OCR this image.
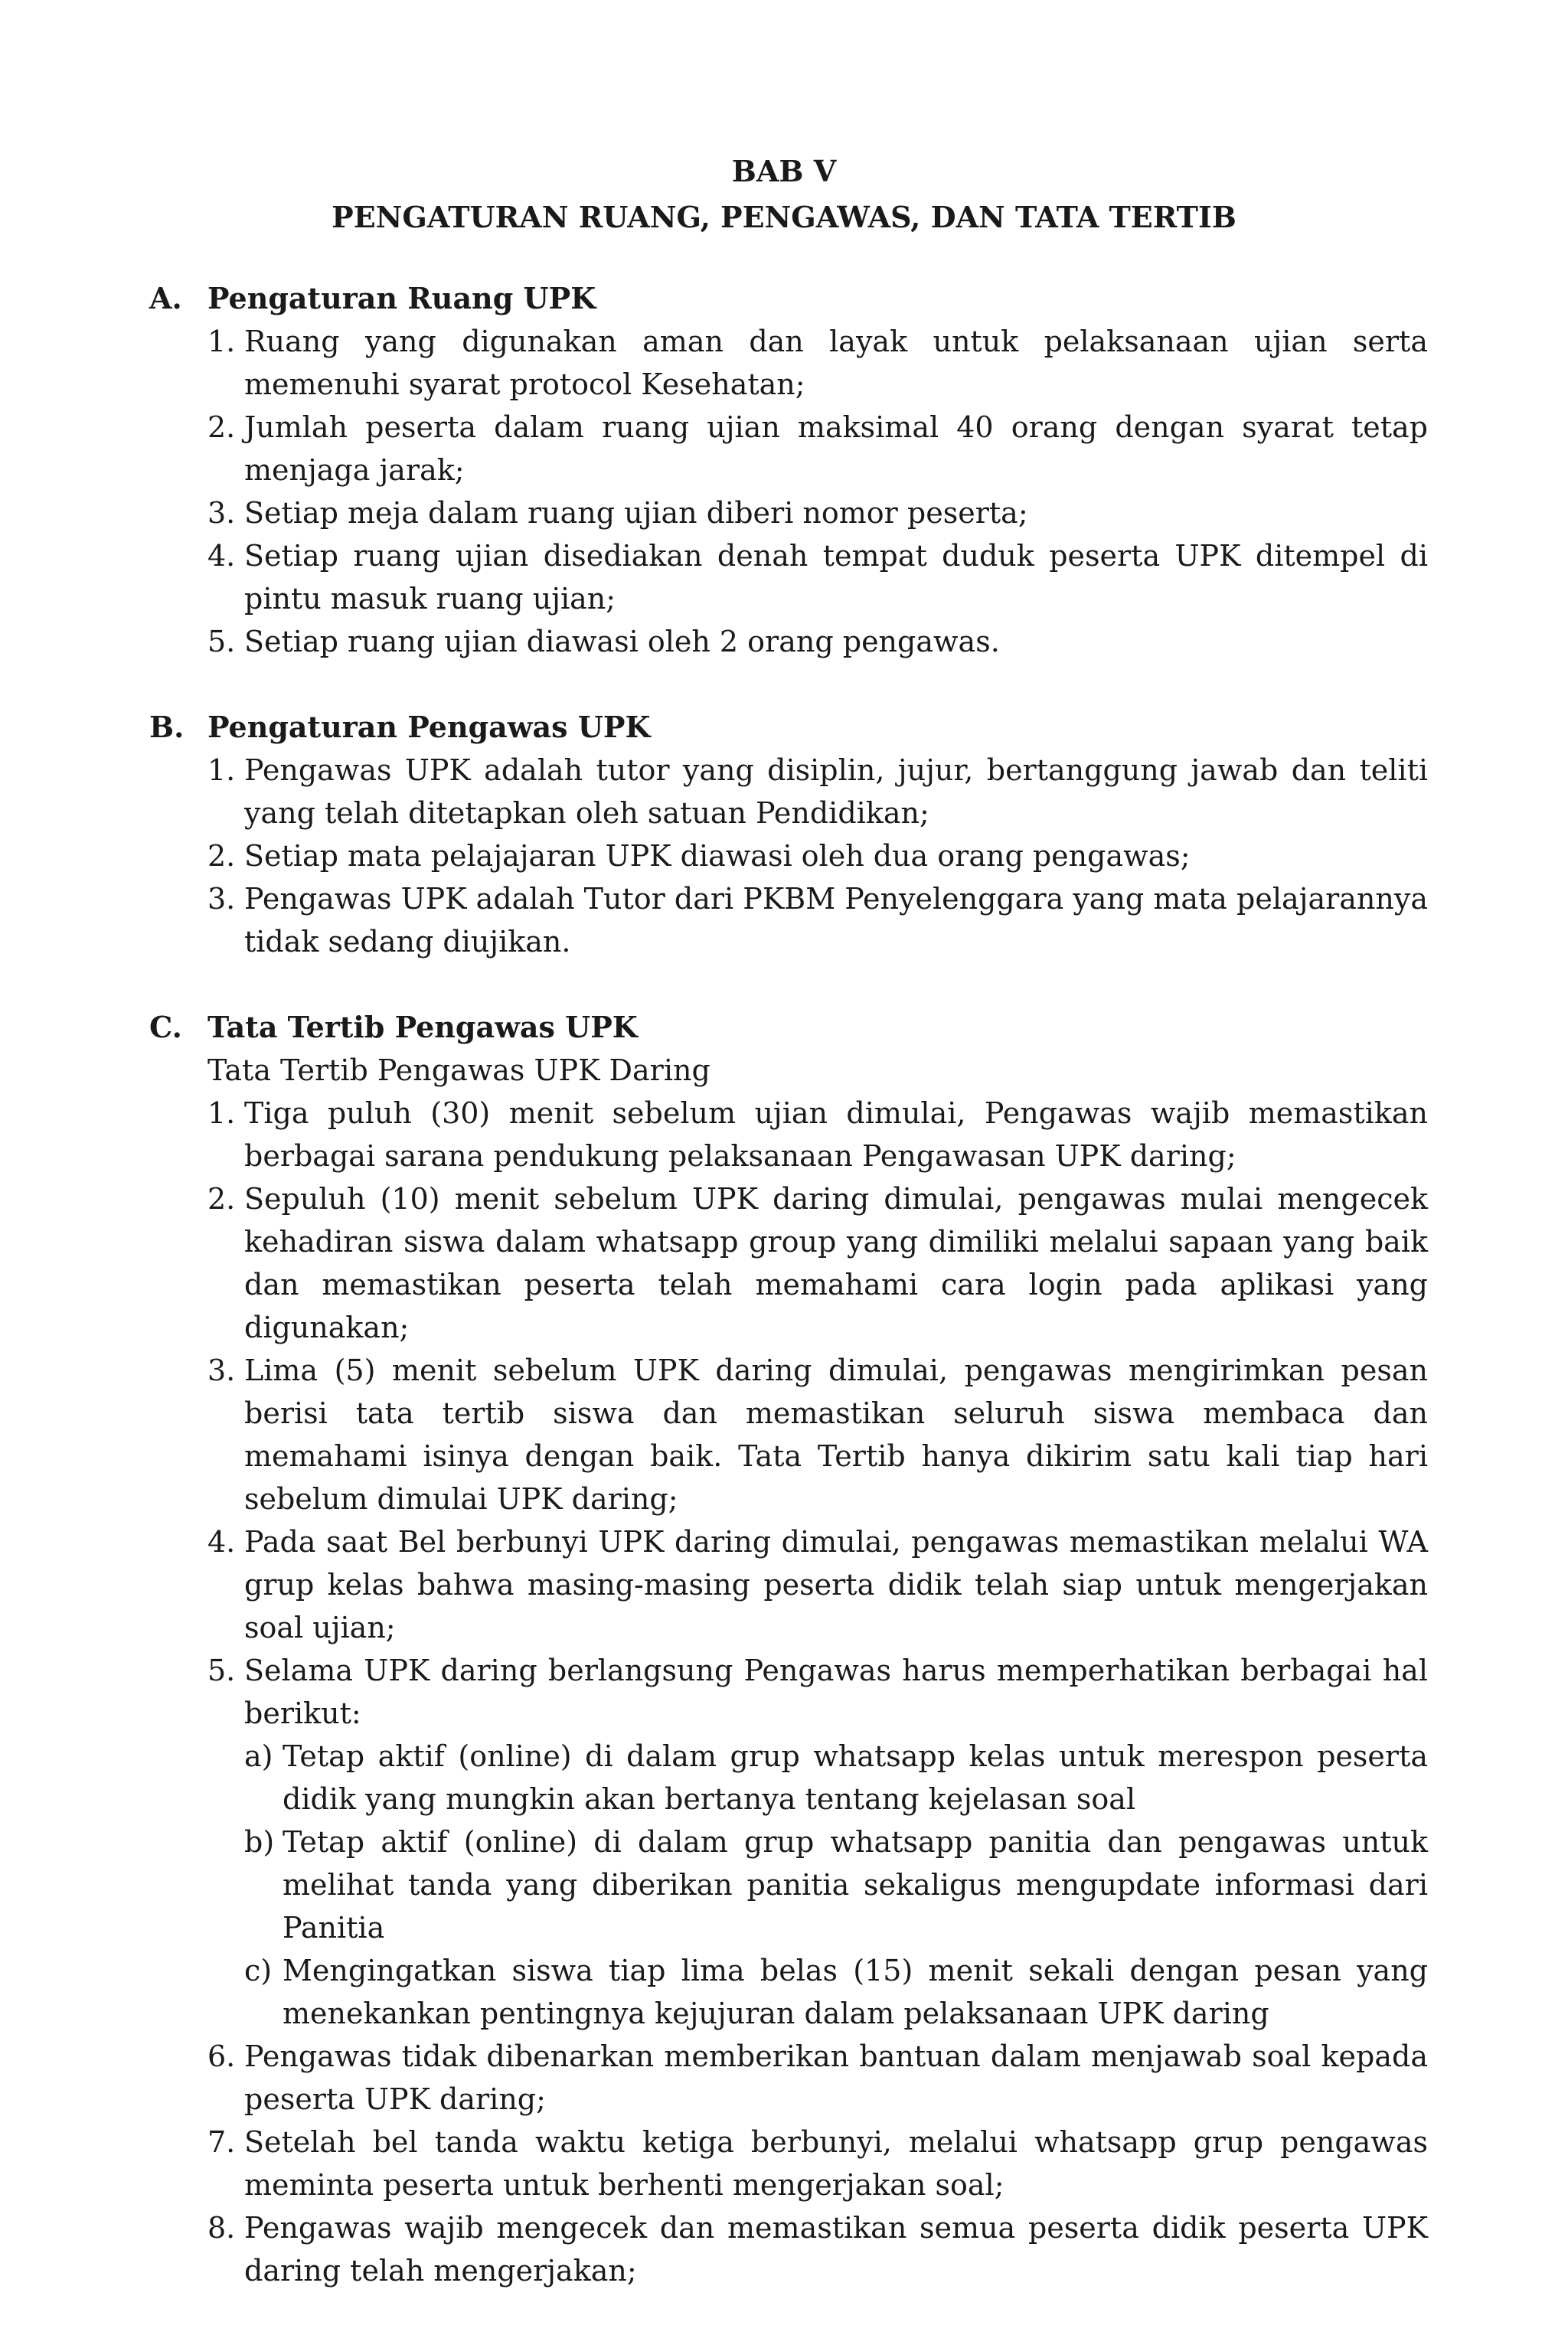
BAB V
PENGATURAN RUANG, PENGAWAS, DAN TATA TERTIB
A. Pengaturan Ruang UPK
1. Ruang yang digunakan aman dan layak untuk pelaksanaan ujian serta memenuhi syarat protocol Kesehatan;
2. Jumlah peserta dalam ruang ujian maksimal 40 orang dengan syarat tetap menjaga jarak;
3. Setiap meja dalam ruang ujian diberi nomor peserta;
4. Setiap ruang ujian disediakan denah tempat duduk peserta UPK ditempel di pintu masuk ruang ujian;
5. Setiap ruang ujian diawasi oleh 2 orang pengawas.
B. Pengaturan Pengawas UPK
1. Pengawas UPK adalah tutor yang disiplin, jujur, bertanggung jawab dan teliti yang telah ditetapkan oleh satuan Pendidikan;
2. Setiap mata pelajajaran UPK diawasi oleh dua orang pengawas;
3. Pengawas UPK adalah Tutor dari PKBM Penyelenggara yang mata pelajarannya tidak sedang diujikan.
C. Tata Tertib Pengawas UPK
Tata Tertib Pengawas UPK Daring
1. Tiga puluh (30) menit sebelum ujian dimulai, Pengawas wajib memastikan berbagai sarana pendukung pelaksanaan Pengawasan UPK daring;
2. Sepuluh (10) menit sebelum UPK daring dimulai, pengawas mulai mengecek kehadiran siswa dalam whatsapp group yang dimiliki melalui sapaan yang baik dan memastikan peserta telah memahami cara login pada aplikasi yang digunakan;
3. Lima (5) menit sebelum UPK daring dimulai, pengawas mengirimkan pesan berisi tata tertib siswa dan memastikan seluruh siswa membaca dan memahami isinya dengan baik. Tata Tertib hanya dikirim satu kali tiap hari sebelum dimulai UPK daring;
4. Pada saat Bel berbunyi UPK daring dimulai, pengawas memastikan melalui WA grup kelas bahwa masing-masing peserta didik telah siap untuk mengerjakan soal ujian;
5. Selama UPK daring berlangsung Pengawas harus memperhatikan berbagai hal berikut:
a) Tetap aktif (online) di dalam grup whatsapp kelas untuk merespon peserta didik yang mungkin akan bertanya tentang kejelasan soal
b) Tetap aktif (online) di dalam grup whatsapp panitia dan pengawas untuk melihat tanda yang diberikan panitia sekaligus mengupdate informasi dari Panitia
c) Mengingatkan siswa tiap lima belas (15) menit sekali dengan pesan yang menekankan pentingnya kejujuran dalam pelaksanaan UPK daring
6. Pengawas tidak dibenarkan memberikan bantuan dalam menjawab soal kepada peserta UPK daring;
7. Setelah bel tanda waktu ketiga berbunyi, melalui whatsapp grup pengawas meminta peserta untuk berhenti mengerjakan soal;
8. Pengawas wajib mengecek dan memastikan semua peserta didik peserta UPK daring telah mengerjakan;
